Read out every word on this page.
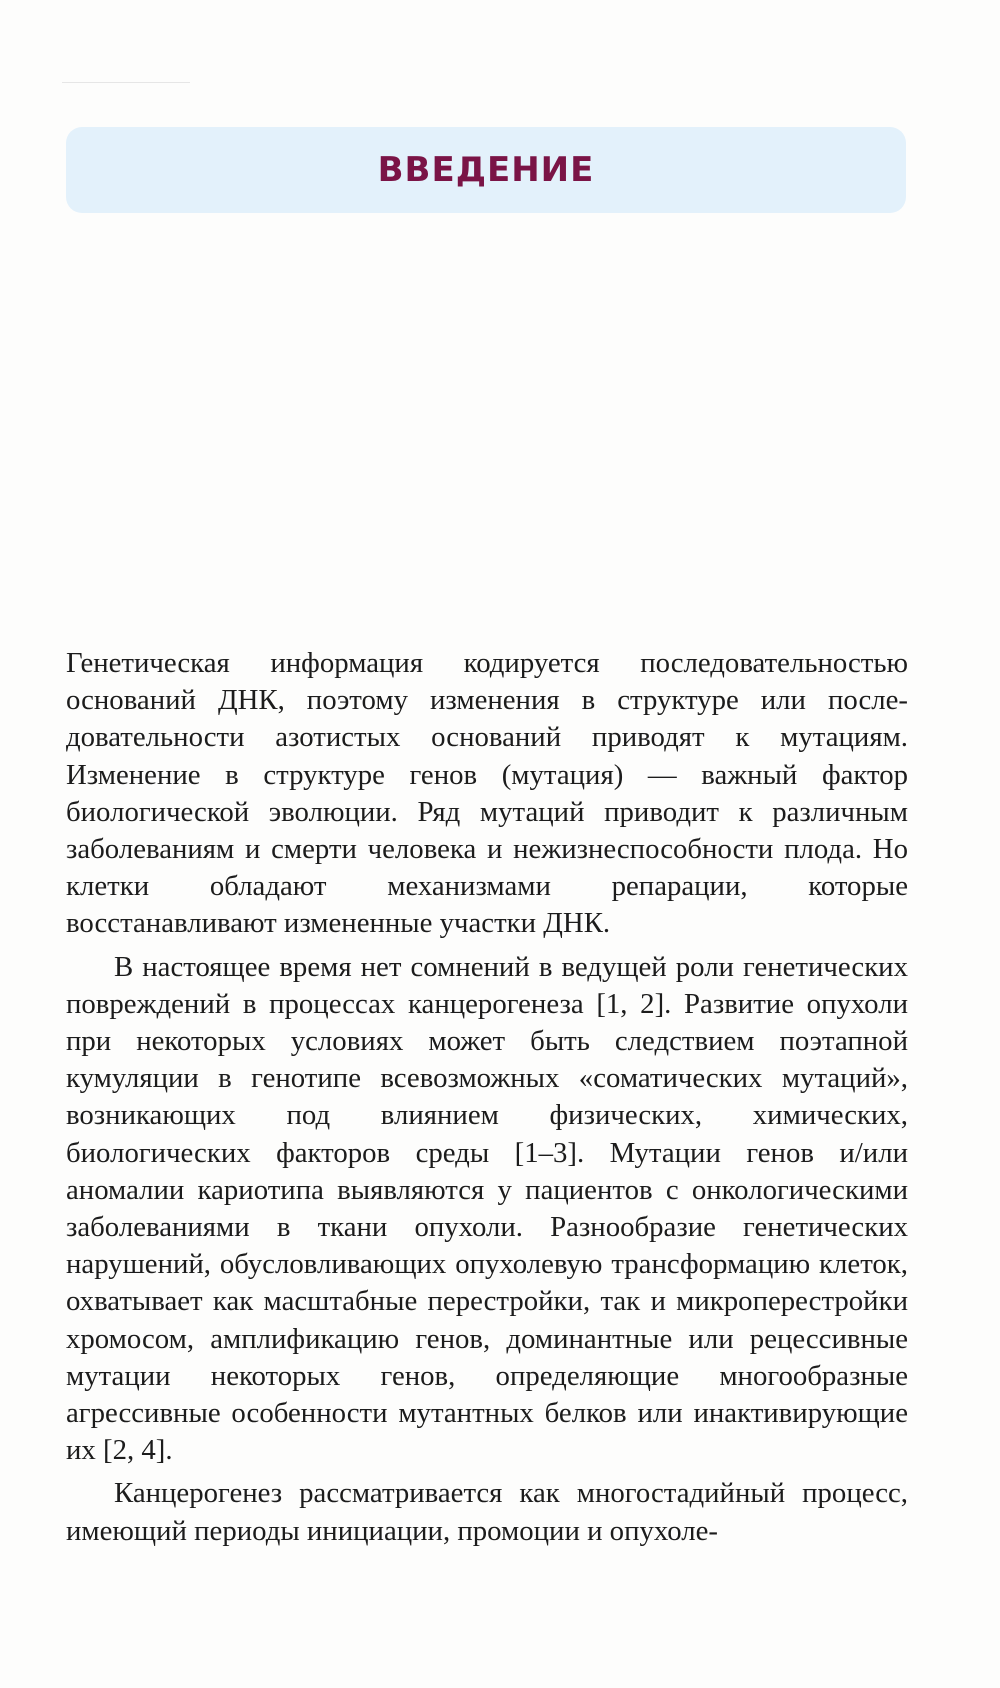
ВВЕДЕНИЕ

Генетическая информация кодируется последовательностью оснований ДНК, поэтому изменения в структуре или последовательности азотистых оснований приводят к мутациям. Изменение в структуре генов (мутация) — важный фактор биологической эволюции. Ряд мутаций приводит к различным заболеваниям и смерти человека и нежизнеспособности плода. Но клетки обладают механизмами репарации, которые восстанавливают измененные участки ДНК.

В настоящее время нет сомнений в ведущей роли генетических повреждений в процессах канцерогенеза [1, 2]. Развитие опухоли при некоторых условиях может быть следствием поэтапной кумуляции в генотипе всевозможных «соматических мутаций», возникающих под влиянием физических, химических, биологических факторов среды [1–3]. Мутации генов и/или аномалии кариотипа выявляются у пациентов с онкологическими заболеваниями в ткани опухоли. Разнообразие генетических нарушений, обусловливающих опухолевую трансформацию клеток, охватывает как масштабные перестройки, так и микроперестройки хромосом, амплификацию генов, доминантные или рецессивные мутации некоторых генов, определяющие многообразные агрессивные особенности мутантных белков или инактивирующие их [2, 4].

Канцерогенез рассматривается как многостадийный процесс, имеющий периоды инициации, промоции и опухоле-
